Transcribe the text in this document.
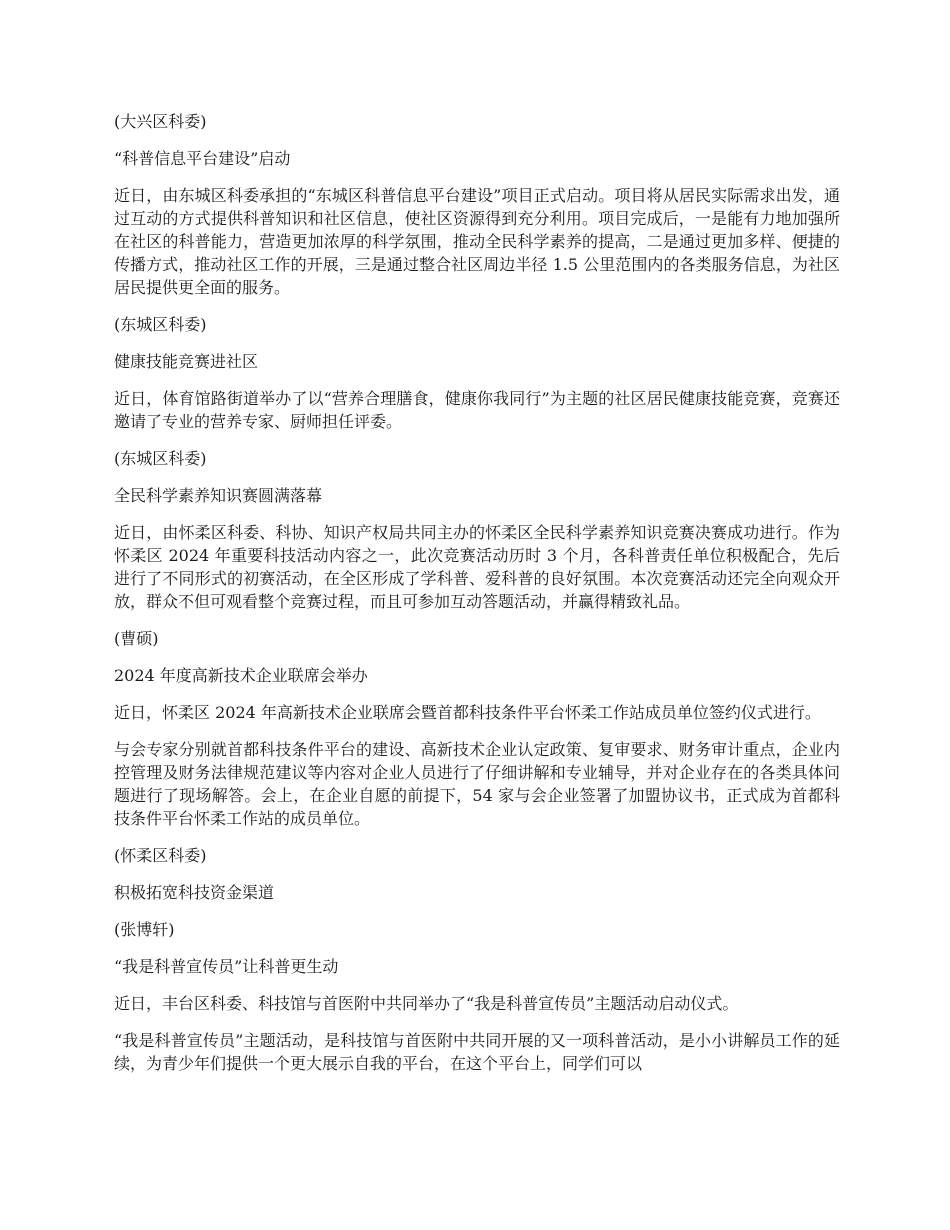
(大兴区科委)

“科普信息平台建设”启动

近日，由东城区科委承担的“东城区科普信息平台建设”项目正式启动。项目将从居民实际需求出发，通过互动的方式提供科普知识和社区信息，使社区资源得到充分利用。项目完成后，一是能有力地加强所在社区的科普能力，营造更加浓厚的科学氛围，推动全民科学素养的提高，二是通过更加多样、便捷的传播方式，推动社区工作的开展，三是通过整合社区周边半径 1.5 公里范围内的各类服务信息，为社区居民提供更全面的服务。

(东城区科委)

健康技能竞赛进社区

近日，体育馆路街道举办了以“营养合理膳食，健康你我同行”为主题的社区居民健康技能竞赛，竞赛还邀请了专业的营养专家、厨师担任评委。

(东城区科委)

全民科学素养知识赛圆满落幕

近日，由怀柔区科委、科协、知识产权局共同主办的怀柔区全民科学素养知识竞赛决赛成功进行。作为怀柔区 2024 年重要科技活动内容之一，此次竞赛活动历时 3 个月，各科普责任单位积极配合，先后进行了不同形式的初赛活动，在全区形成了学科普、爱科普的良好氛围。本次竞赛活动还完全向观众开放，群众不但可观看整个竞赛过程，而且可参加互动答题活动，并赢得精致礼品。

(曹硕)

2024 年度高新技术企业联席会举办

近日，怀柔区 2024 年高新技术企业联席会暨首都科技条件平台怀柔工作站成员单位签约仪式进行。

与会专家分别就首都科技条件平台的建设、高新技术企业认定政策、复审要求、财务审计重点，企业内控管理及财务法律规范建议等内容对企业人员进行了仔细讲解和专业辅导，并对企业存在的各类具体问题进行了现场解答。会上，在企业自愿的前提下，54 家与会企业签署了加盟协议书，正式成为首都科技条件平台怀柔工作站的成员单位。

(怀柔区科委)

积极拓宽科技资金渠道

(张博轩)

“我是科普宣传员”让科普更生动

近日，丰台区科委、科技馆与首医附中共同举办了“我是科普宣传员”主题活动启动仪式。

“我是科普宣传员”主题活动，是科技馆与首医附中共同开展的又一项科普活动，是小小讲解员工作的延续，为青少年们提供一个更大展示自我的平台，在这个平台上，同学们可以
